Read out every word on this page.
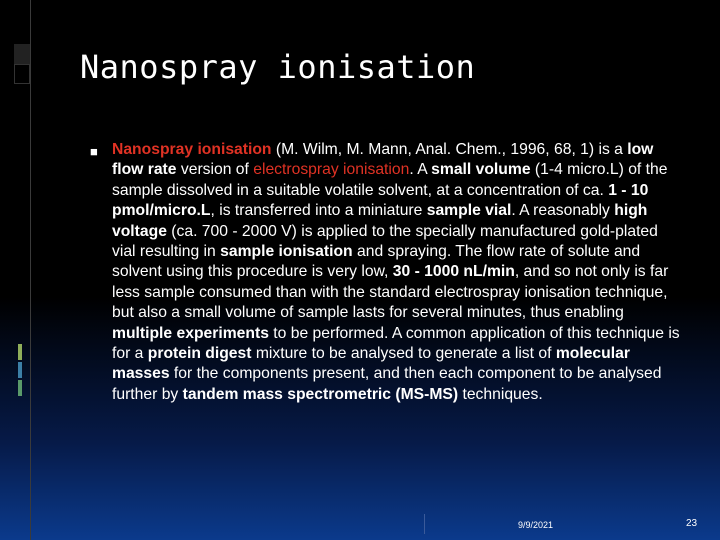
Nanospray ionisation
■ Nanospray ionisation (M. Wilm, M. Mann, Anal. Chem., 1996, 68, 1) is a low flow rate version of electrospray ionisation. A small volume (1-4 micro.L) of the sample dissolved in a suitable volatile solvent, at a concentration of ca. 1 - 10 pmol/micro.L, is transferred into a miniature sample vial. A reasonably high voltage (ca. 700 - 2000 V) is applied to the specially manufactured gold-plated vial resulting in sample ionisation and spraying. The flow rate of solute and solvent using this procedure is very low, 30 - 1000 nL/min, and so not only is far less sample consumed than with the standard electrospray ionisation technique, but also a small volume of sample lasts for several minutes, thus enabling multiple experiments to be performed. A common application of this technique is for a protein digest mixture to be analysed to generate a list of molecular masses for the components present, and then each component to be analysed further by tandem mass spectrometric (MS-MS) techniques.
9/9/2021	23
